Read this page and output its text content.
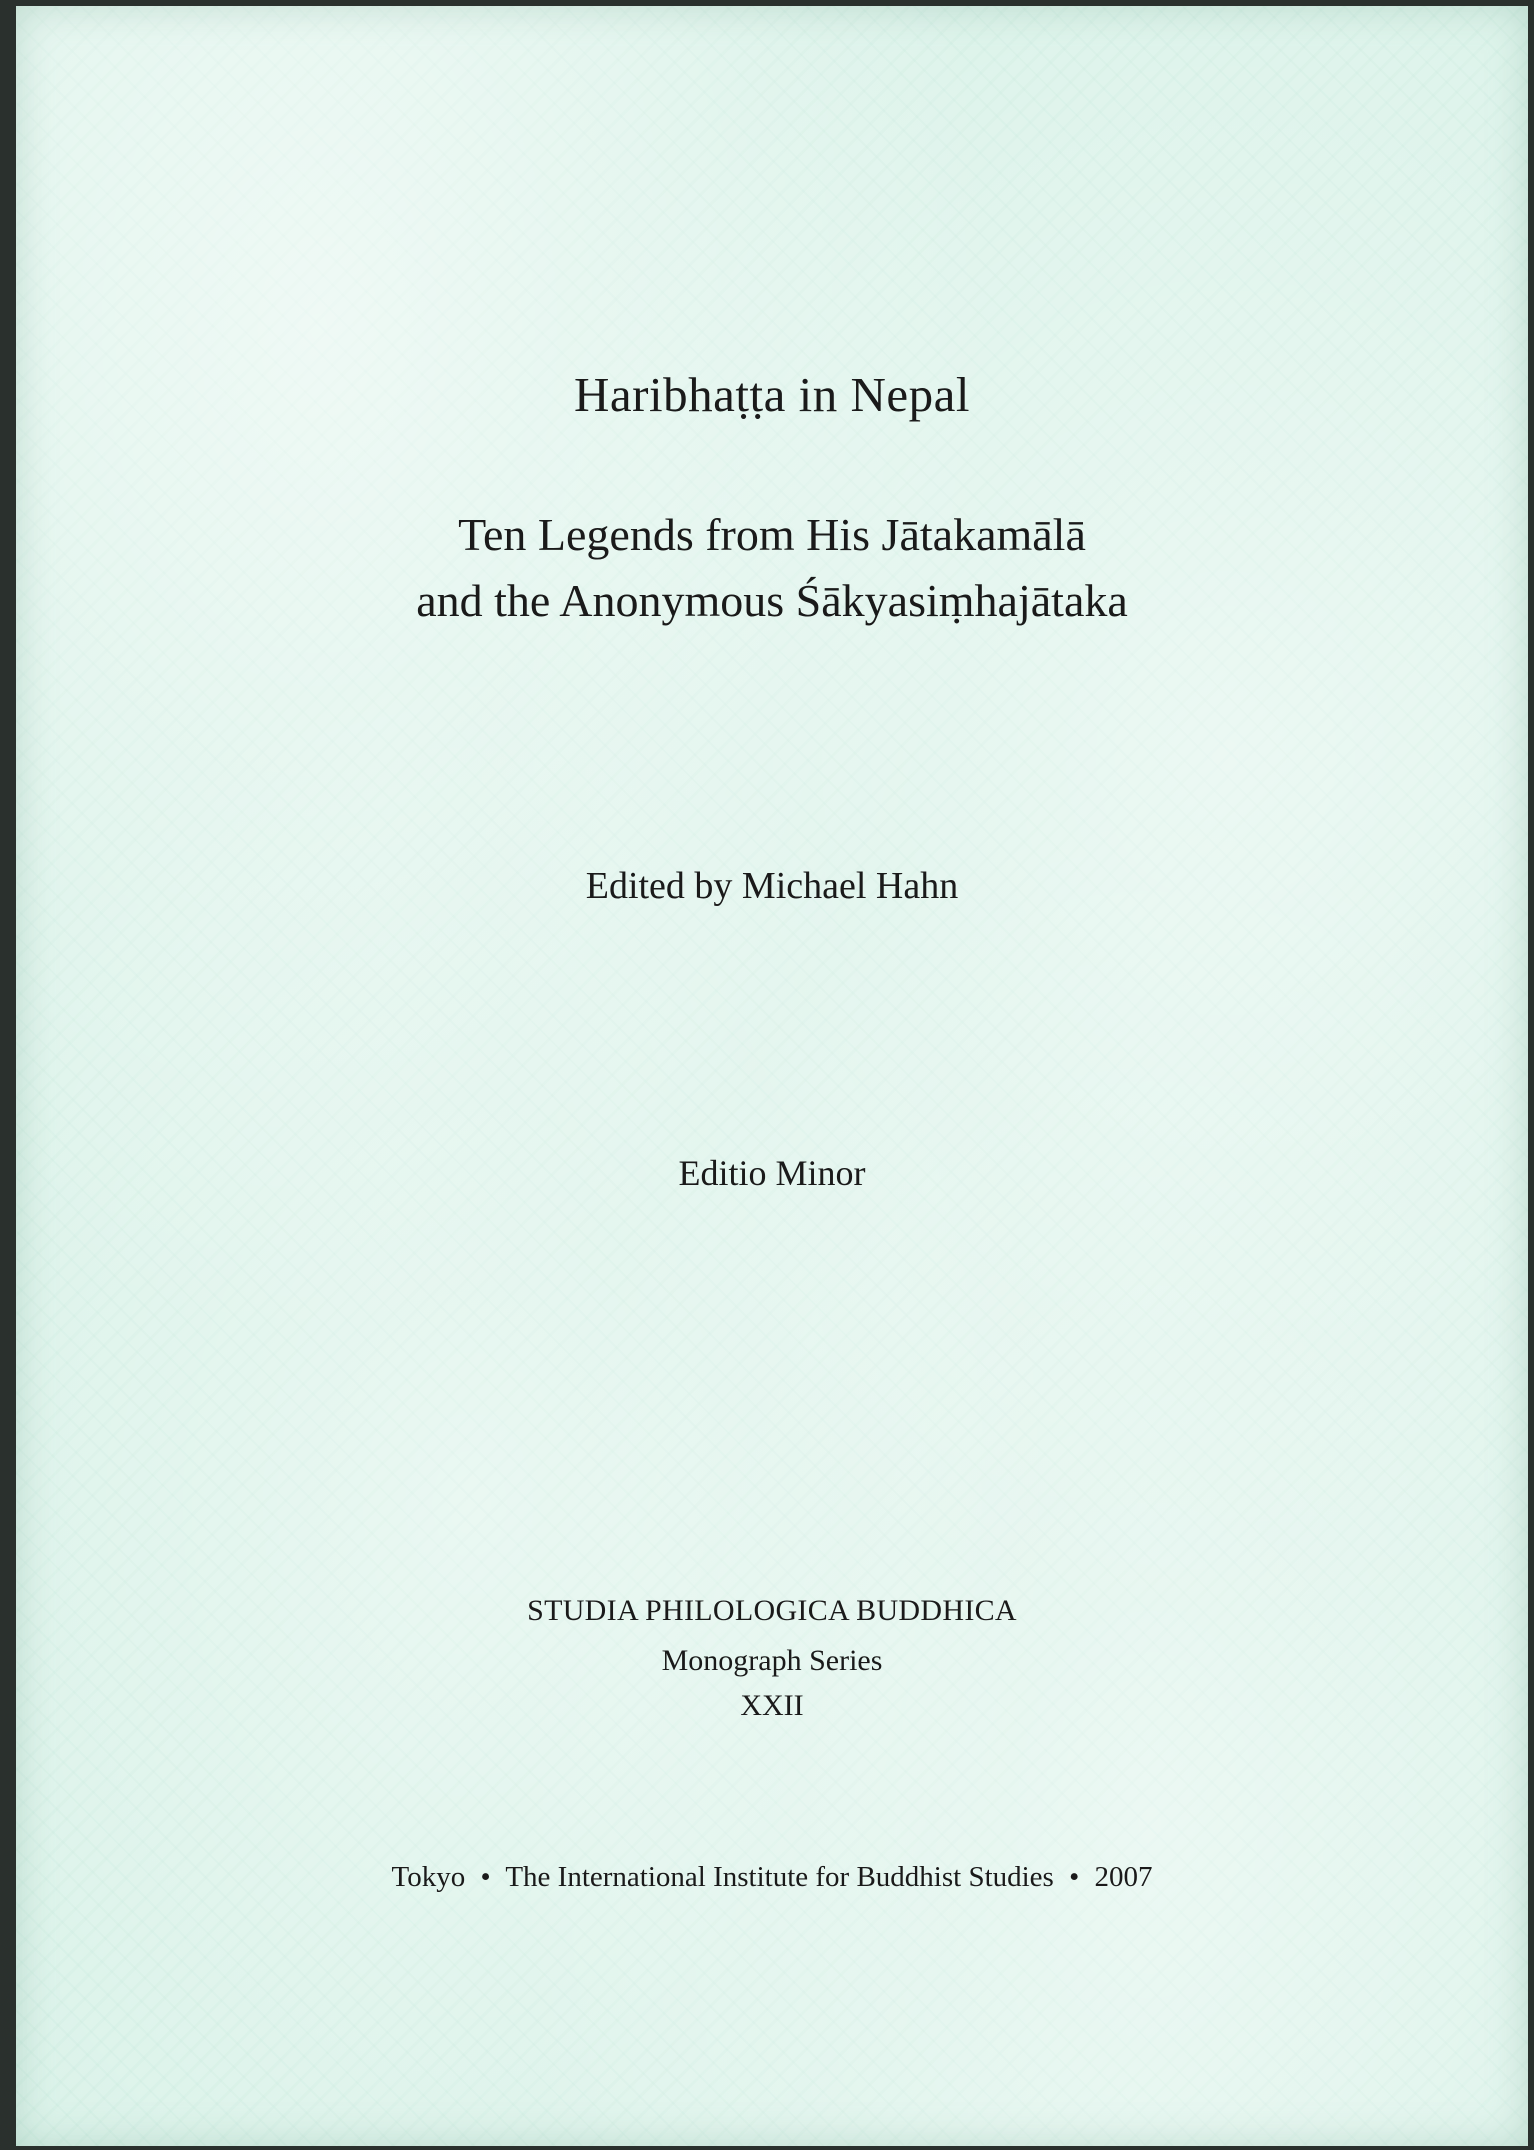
Haribhaṭṭa in Nepal
Ten Legends from His Jātakamālā
and the Anonymous Śākyasiṃhajātaka
Edited by Michael Hahn
Editio Minor
STUDIA PHILOLOGICA BUDDHICA
Monograph Series
XXII
Tokyo • The International Institute for Buddhist Studies • 2007
